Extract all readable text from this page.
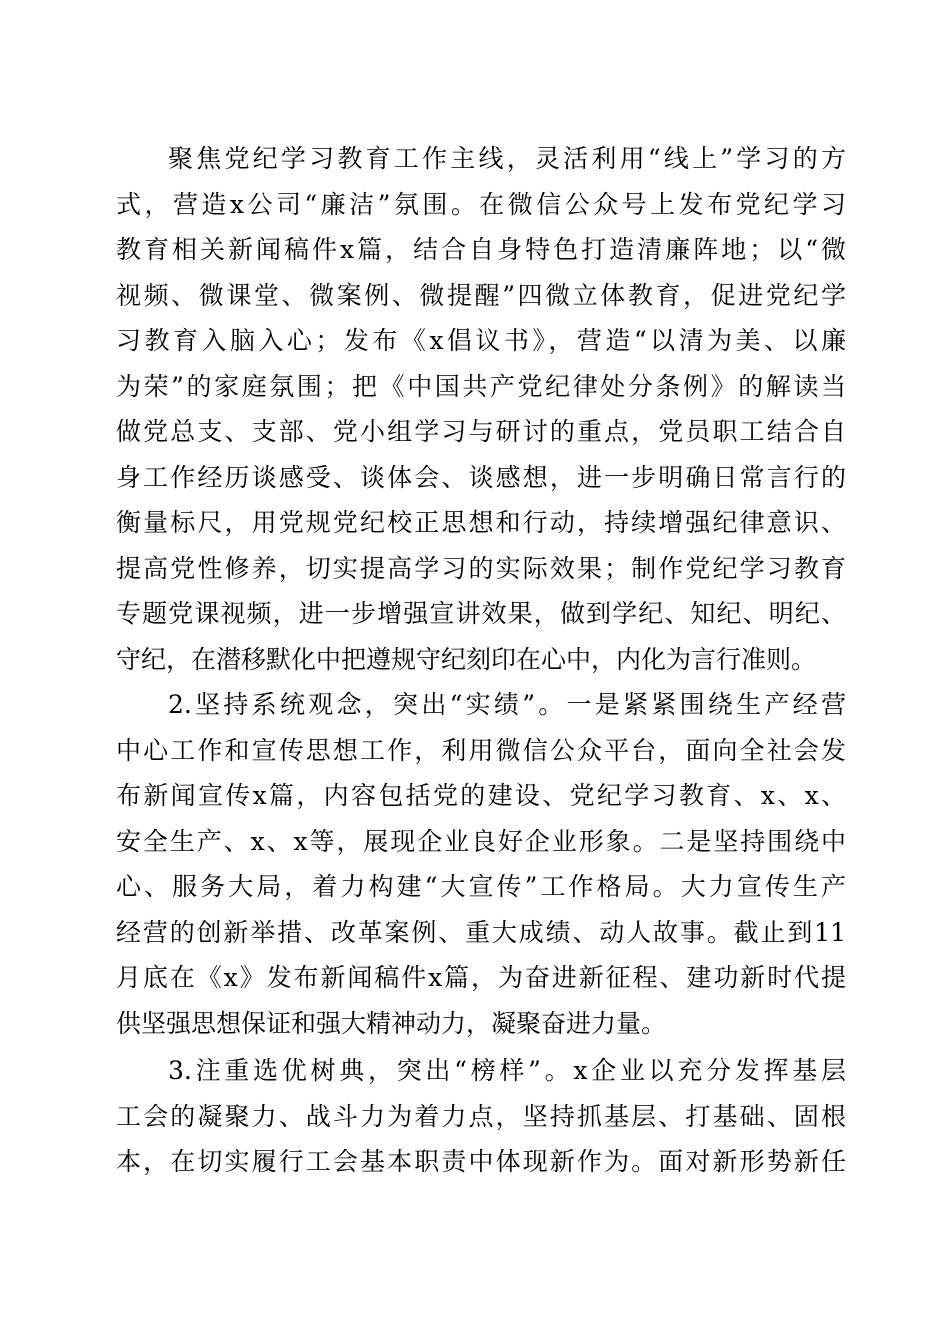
聚焦党纪学习教育工作主线，灵活利用“线上”学习的方
式，营造x公司“廉洁”氛围。在微信公众号上发布党纪学习
教育相关新闻稿件x篇，结合自身特色打造清廉阵地；以“微
视频、微课堂、微案例、微提醒”四微立体教育，促进党纪学
习教育入脑入心；发布《x倡议书》，营造“以清为美、以廉
为荣”的家庭氛围；把《中国共产党纪律处分条例》的解读当
做党总支、支部、党小组学习与研讨的重点，党员职工结合自
身工作经历谈感受、谈体会、谈感想，进一步明确日常言行的
衡量标尺，用党规党纪校正思想和行动，持续增强纪律意识、
提高党性修养，切实提高学习的实际效果；制作党纪学习教育
专题党课视频，进一步增强宣讲效果，做到学纪、知纪、明纪、
守纪，在潜移默化中把遵规守纪刻印在心中，内化为言行准则。
2.坚持系统观念，突出“实绩”。一是紧紧围绕生产经营
中心工作和宣传思想工作，利用微信公众平台，面向全社会发
布新闻宣传x篇，内容包括党的建设、党纪学习教育、x、x、
安全生产、x、x等，展现企业良好企业形象。二是坚持围绕中
心、服务大局，着力构建“大宣传”工作格局。大力宣传生产
经营的创新举措、改革案例、重大成绩、动人故事。截止到11
月底在《x》发布新闻稿件x篇，为奋进新征程、建功新时代提
供坚强思想保证和强大精神动力，凝聚奋进力量。
3.注重选优树典，突出“榜样”。x企业以充分发挥基层
工会的凝聚力、战斗力为着力点，坚持抓基层、打基础、固根
本，在切实履行工会基本职责中体现新作为。面对新形势新任
